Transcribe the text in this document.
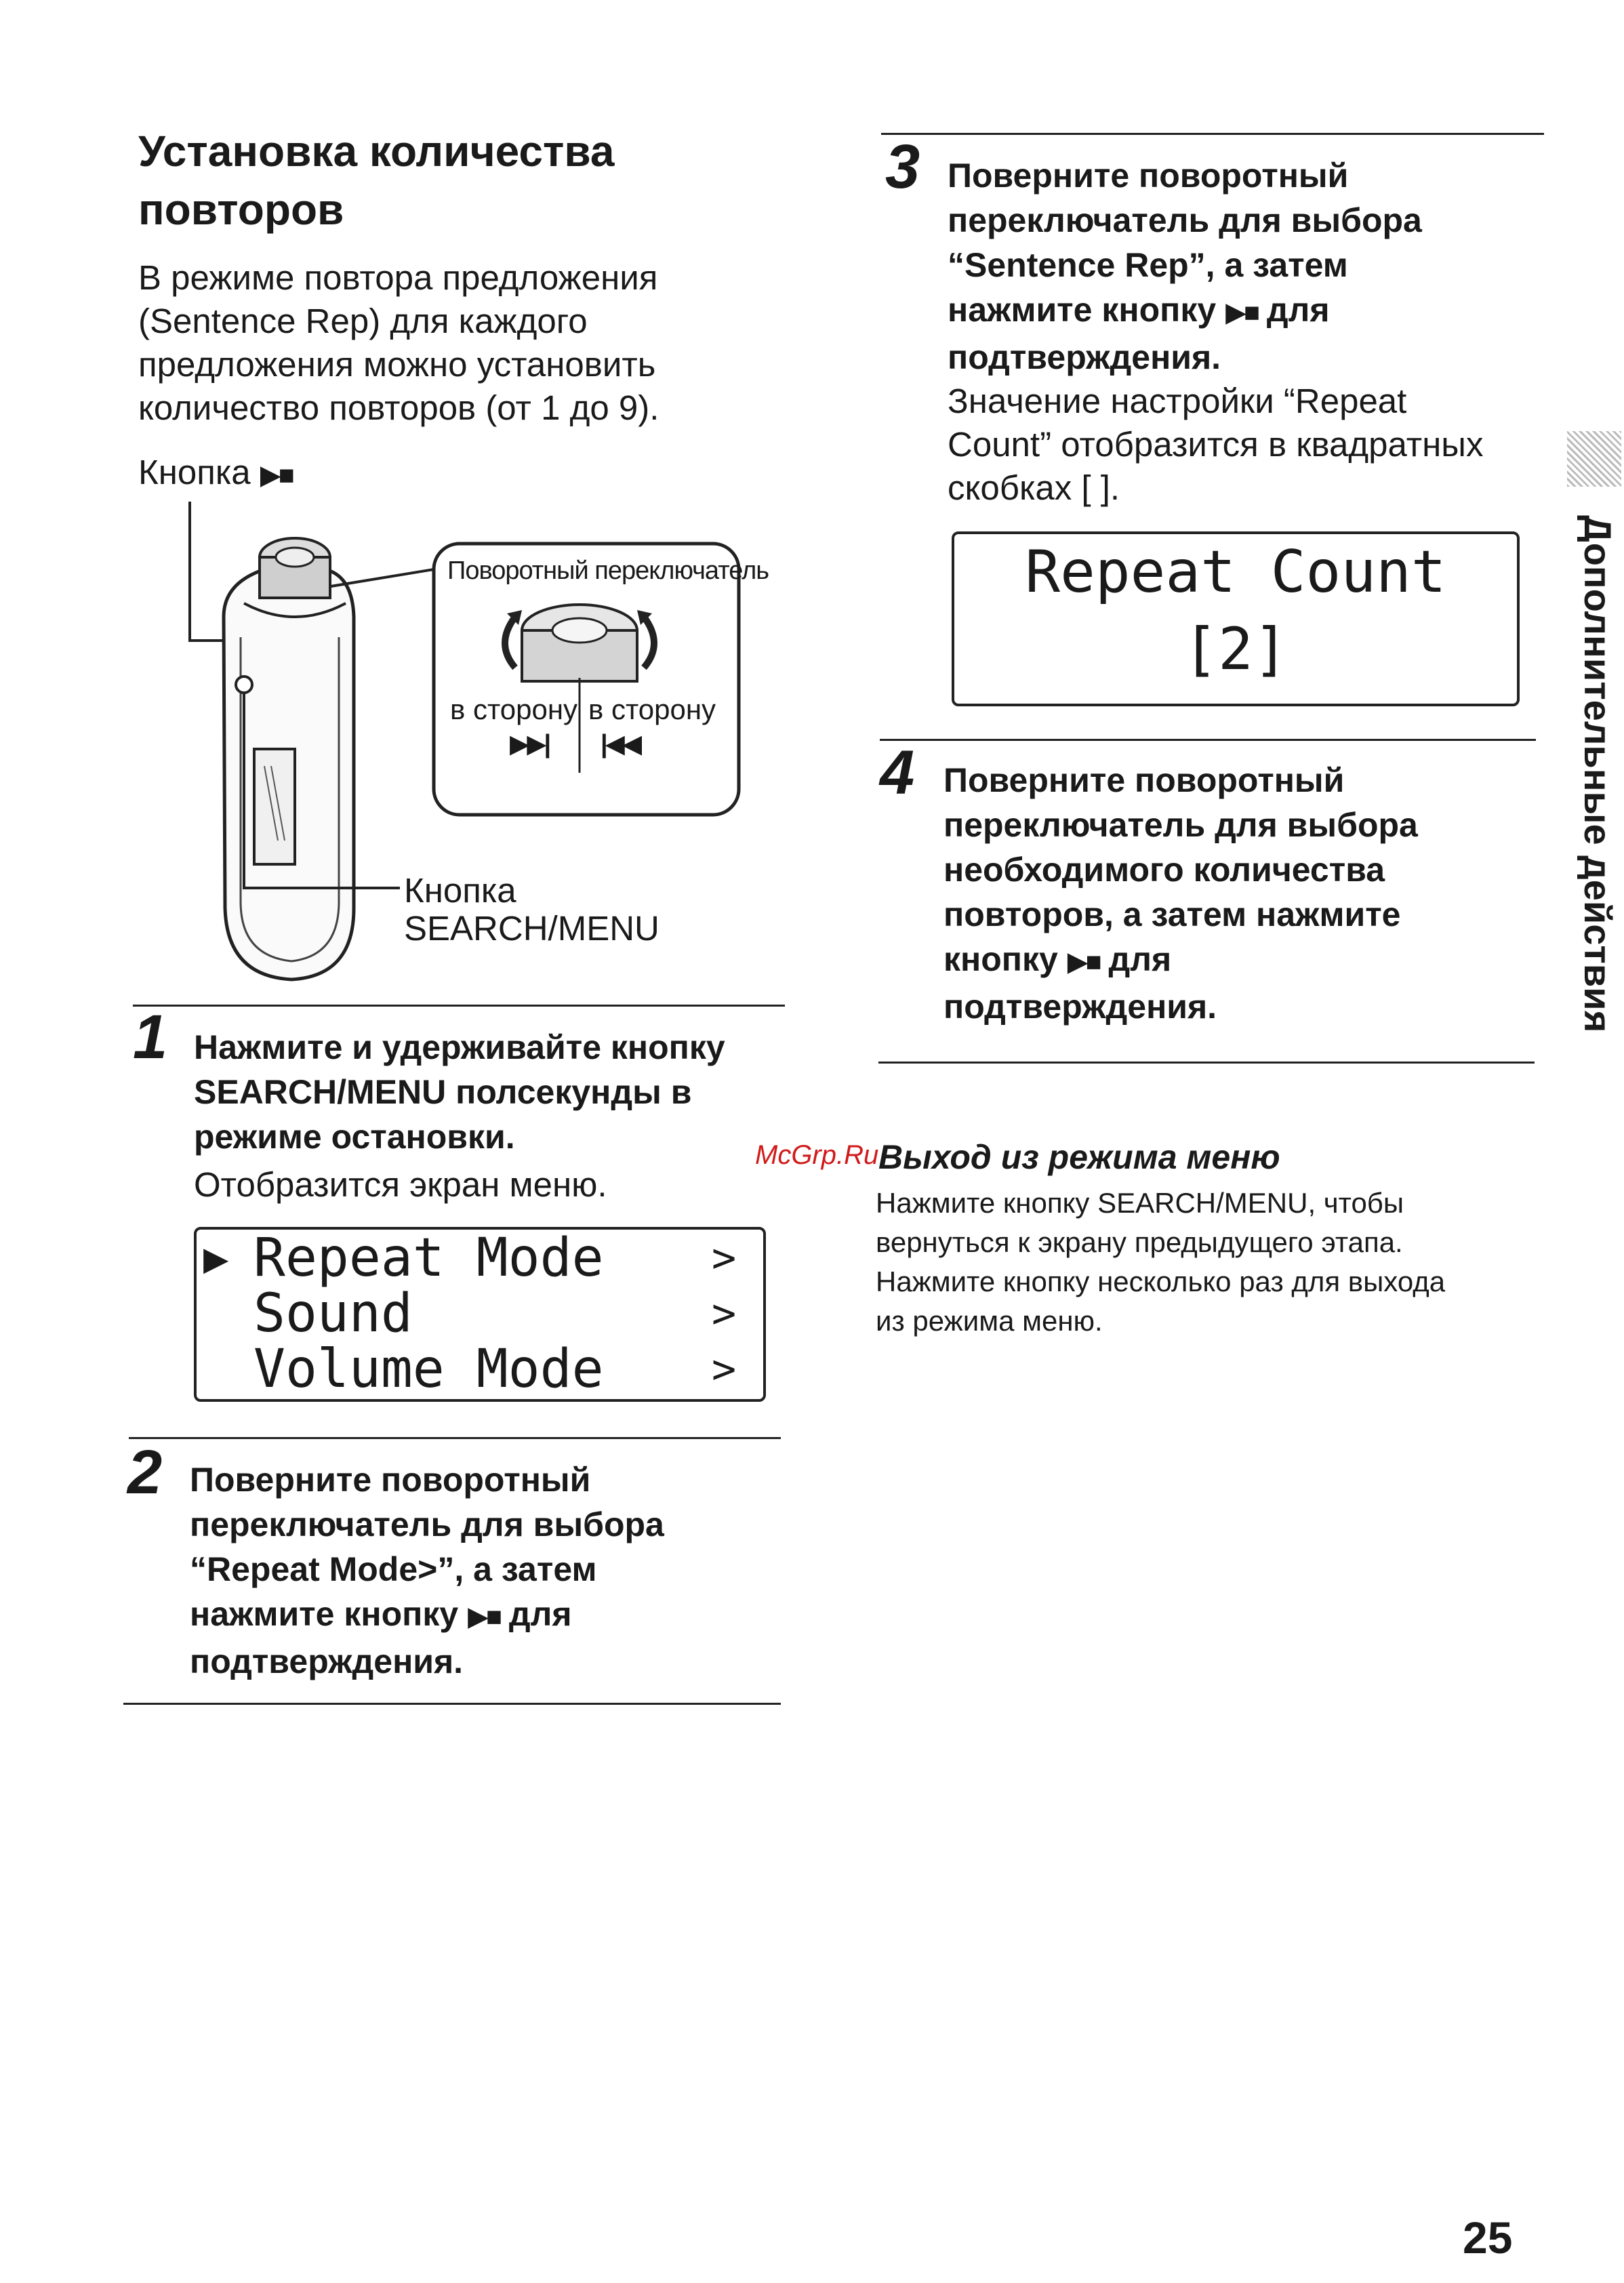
Установка количества
повторов
В режиме повтора предложения
(Sentence Rep) для каждого
предложения можно установить
количество повторов (от 1 до 9).
Кнопка ▶■
Поворотный переключатель
в сторону в сторону
▶▶| |◀◀
Кнопка
SEARCH/MENU
1 Нажмите и удерживайте кнопку
SEARCH/MENU полсекунды в
режиме остановки.
Отобразится экран меню.
▶ Repeat Mode	>
Sound	>
Volume Mode	>
2 Поверните поворотный
переключатель для выбора
“Repeat Mode>”, а затем
нажмите кнопку ▶■ для
подтверждения.
3 Поверните поворотный
переключатель для выбора
“Sentence Rep”, а затем
нажмите кнопку ▶■ для
подтверждения.
Значение настройки “Repeat
Count” отобразится в квадратных
скобках [ ].
Repeat Count
[2]
4 Поверните поворотный
переключатель для выбора
необходимого количества
повторов, а затем нажмите
кнопку ▶■ для
подтверждения.
McGrp.Ru Выход из режима меню
Нажмите кнопку SEARCH/MENU, чтобы
вернуться к экрану предыдущего этапа.
Нажмите кнопку несколько раз для выхода
из режима меню.
Дополнительные действия
25
